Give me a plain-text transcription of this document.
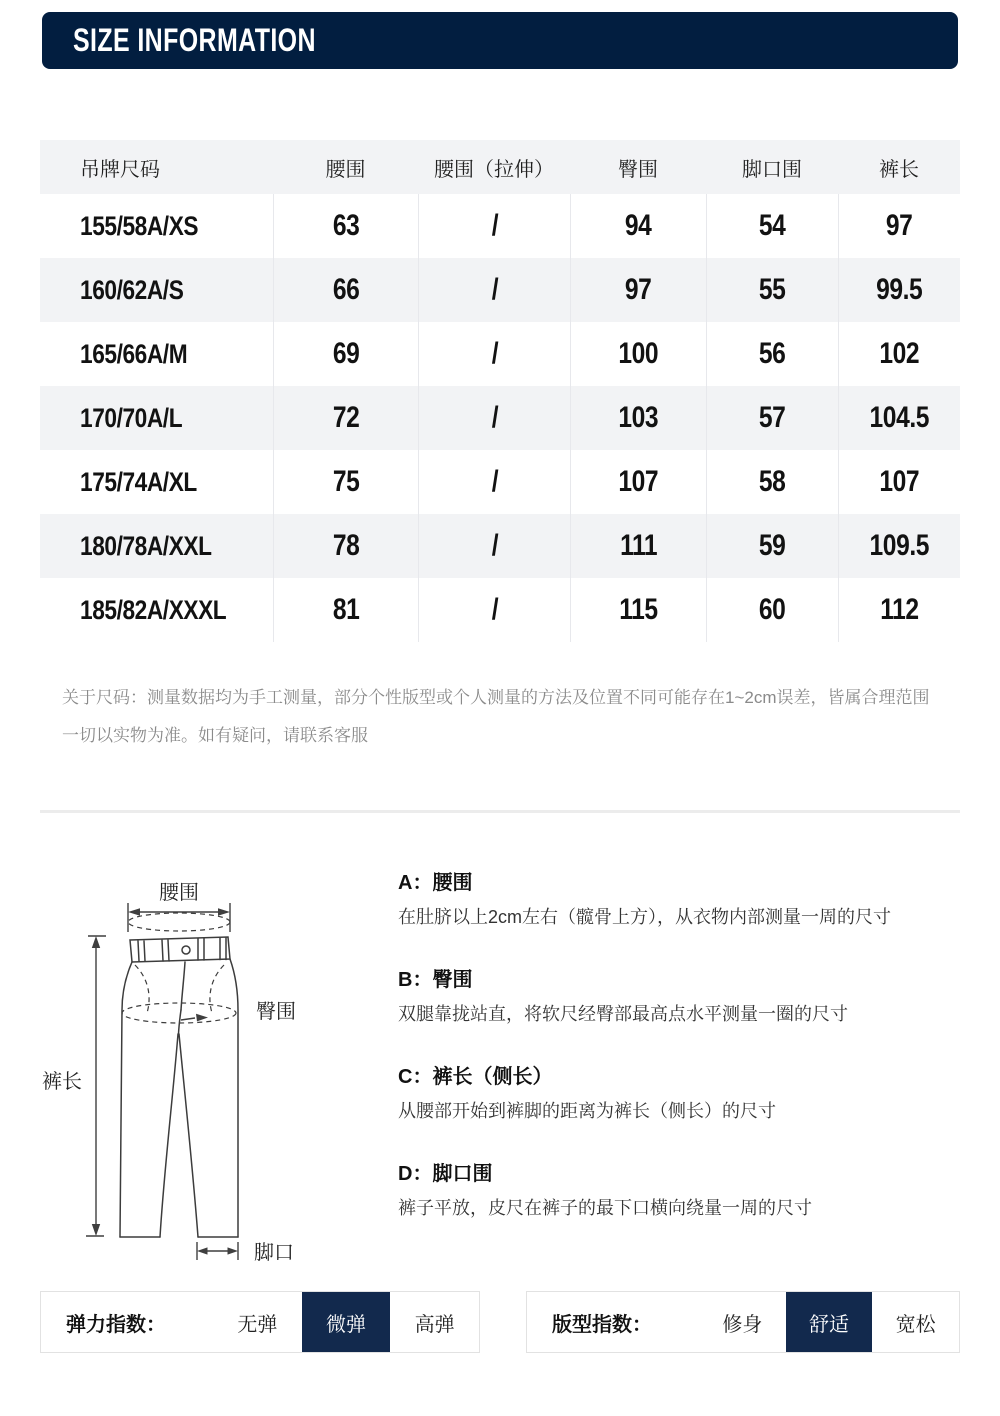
SIZE INFORMATION
吊牌尺码	腰围	腰围（拉伸）	臀围	脚口围	裤长
155/58A/XS	63	/	94	54	97
160/62A/S	66	/	97	55	99.5
165/66A/M	69	/	100	56	102
170/70A/L	72	/	103	57	104.5
175/74A/XL	75	/	107	58	107
180/78A/XXL	78	/	111	59	109.5
185/82A/XXXL	81	/	115	60	112

关于尺码：测量数据均为手工测量，部分个性版型或个人测量的方法及位置不同可能存在1~2cm误差，皆属合理范围一切以实物为准。如有疑问，请联系客服

腰围
臀围
裤长
脚口
A：腰围
在肚脐以上2cm左右（髋骨上方），从衣物内部测量一周的尺寸
B：臀围
双腿靠拢站直，将软尺经臀部最高点水平测量一圈的尺寸
C：裤长（侧长）
从腰部开始到裤脚的距离为裤长（侧长）的尺寸
D：脚口围
裤子平放，皮尺在裤子的最下口横向绕量一周的尺寸
弹力指数：	无弹	微弹	高弹	版型指数：	修身	舒适	宽松
